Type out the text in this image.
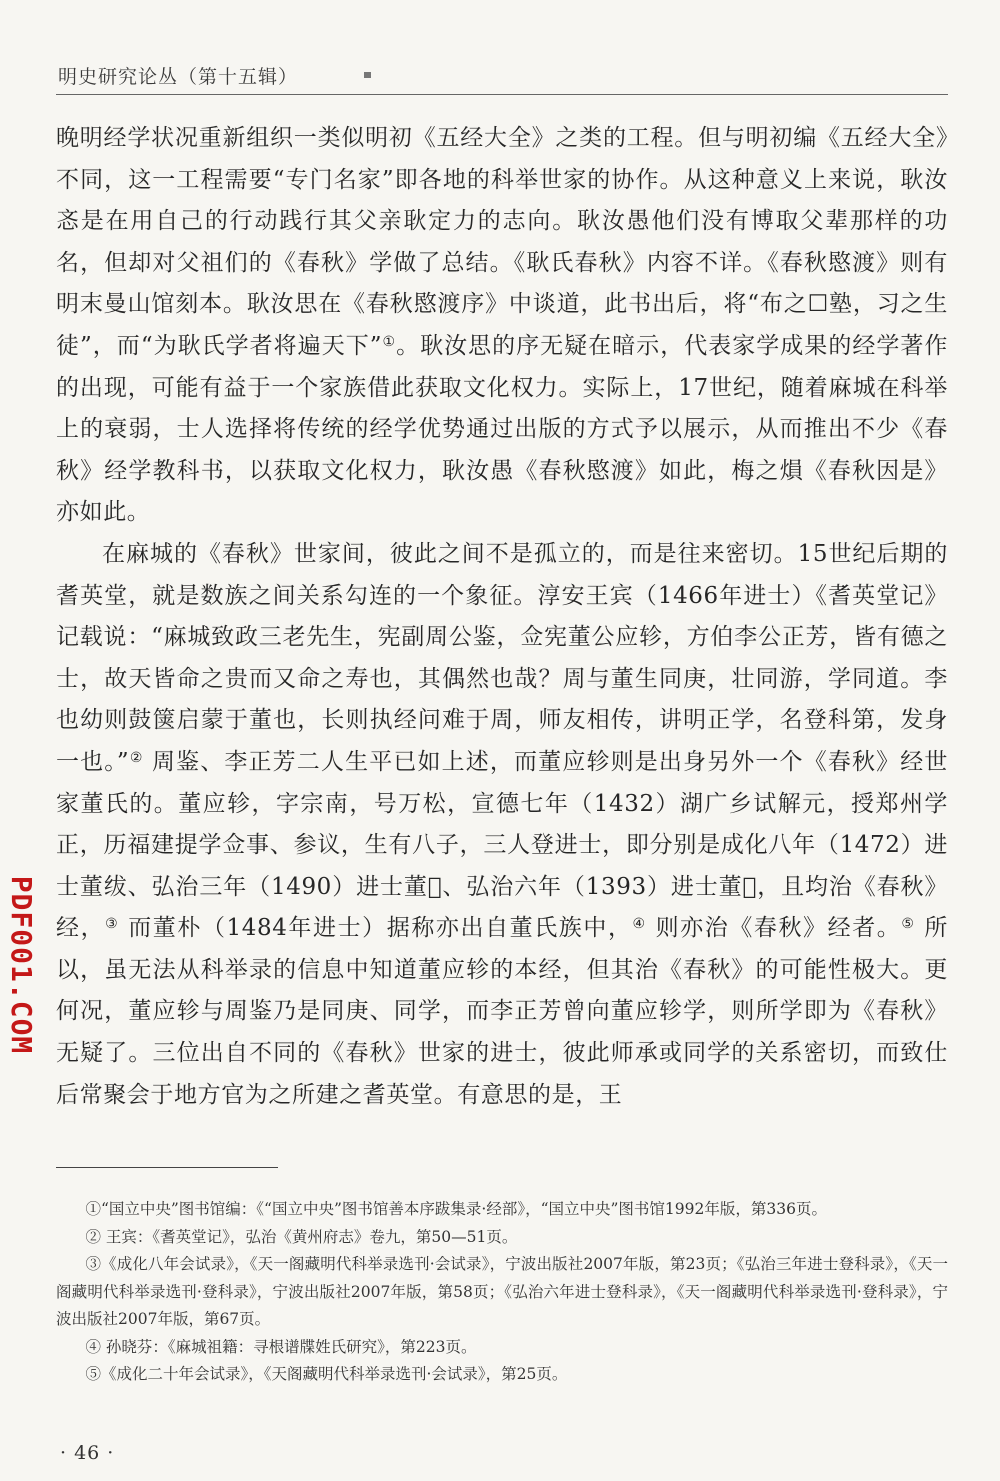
明史研究论丛（第十五辑）

晚明经学状况重新组织一类似明初《五经大全》之类的工程。但与明初编《五经大全》不同，这一工程需要“专门名家”即各地的科举世家的协作。从这种意义上来说，耿汝忞是在用自己的行动践行其父亲耿定力的志向。耿汝愚他们没有博取父辈那样的功名，但却对父祖们的《春秋》学做了总结。《耿氏春秋》内容不详。《春秋愍渡》则有明末曼山馆刻本。耿汝思在《春秋愍渡序》中谈道，此书出后，将“布之☐塾，习之生徒”，而“为耿氏学者将遍天下”①。耿汝思的序无疑在暗示，代表家学成果的经学著作的出现，可能有益于一个家族借此获取文化权力。实际上，17世纪，随着麻城在科举上的衰弱，士人选择将传统的经学优势通过出版的方式予以展示，从而推出不少《春秋》经学教科书，以获取文化权力，耿汝愚《春秋愍渡》如此，梅之熉《春秋因是》亦如此。

在麻城的《春秋》世家间，彼此之间不是孤立的，而是往来密切。15世纪后期的耆英堂，就是数族之间关系勾连的一个象征。淳安王宾（1466年进士）《耆英堂记》记载说：“麻城致政三老先生，宪副周公鉴，佥宪董公应轸，方伯李公正芳，皆有德之士，故天皆命之贵而又命之寿也，其偶然也哉？周与董生同庚，壮同游，学同道。李也幼则鼓箧启蒙于董也，长则执经问难于周，师友相传，讲明正学，名登科第，发身一也。”② 周鉴、李正芳二人生平已如上述，而董应轸则是出身另外一个《春秋》经世家董氏的。董应轸，字宗南，号万松，宣德七年（1432）湖广乡试解元，授郑州学正，历福建提学佥事、参议，生有八子，三人登进士，即分别是成化八年（1472）进士董绂、弘治三年（1490）进士董𪸩、弘治六年（1393）进士董𪸩，且均治《春秋》经，③ 而董朴（1484年进士）据称亦出自董氏族中，④ 则亦治《春秋》经者。⑤ 所以，虽无法从科举录的信息中知道董应轸的本经，但其治《春秋》的可能性极大。更何况，董应轸与周鉴乃是同庚、同学，而李正芳曾向董应轸学，则所学即为《春秋》无疑了。三位出自不同的《春秋》世家的进士，彼此师承或同学的关系密切，而致仕后常聚会于地方官为之所建之耆英堂。有意思的是，王

①“国立中央”图书馆编：《“国立中央”图书馆善本序跋集录·经部》，“国立中央”图书馆1992年版，第336页。

② 王宾：《耆英堂记》，弘治《黄州府志》卷九，第50—51页。

③《成化八年会试录》，《天一阁藏明代科举录选刊·会试录》，宁波出版社2007年版，第23页；《弘治三年进士登科录》，《天一阁藏明代科举录选刊·登科录》，宁波出版社2007年版，第58页；《弘治六年进士登科录》，《天一阁藏明代科举录选刊·登科录》，宁波出版社2007年版，第67页。

④ 孙晓芬：《麻城祖籍：寻根谱牒姓氏研究》，第223页。

⑤《成化二十年会试录》，《天阁藏明代科举录选刊·会试录》，第25页。

· 46 ·
PDF001.COM
